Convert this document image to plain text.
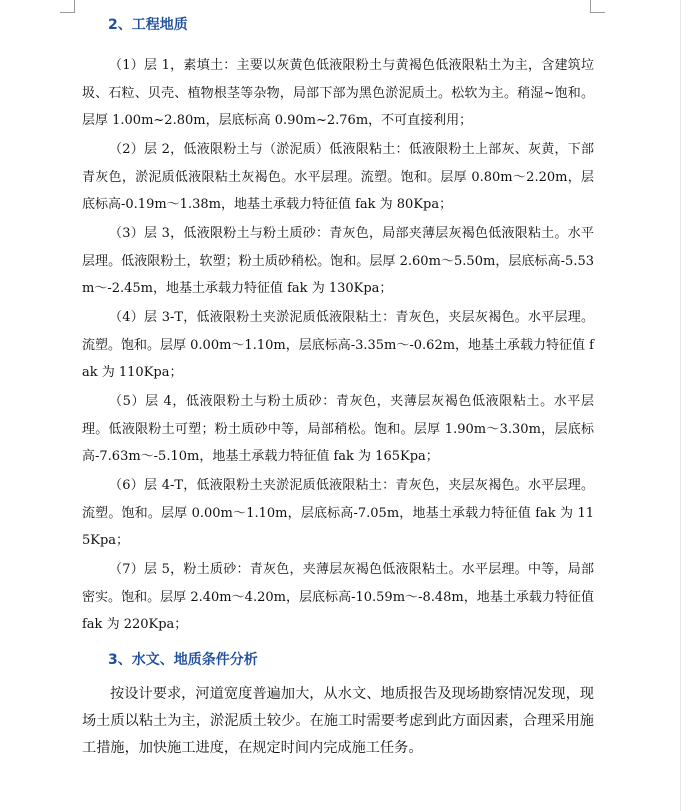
2、工程地质
（1）层 1，素填土：主要以灰黄色低液限粉土与黄褐色低液限粘土为主，含建筑垃圾、石粒、贝壳、植物根茎等杂物，局部下部为黑色淤泥质土。松软为主。稍湿~饱和。层厚 1.00m~2.80m，层底标高 0.90m~2.76m，不可直接利用；
（2）层 2，低液限粉土与（淤泥质）低液限粘土：低液限粉土上部灰、灰黄，下部青灰色，淤泥质低液限粘土灰褐色。水平层理。流塑。饱和。层厚 0.80m～2.20m，层底标高-0.19m～1.38m，地基土承载力特征值 fak 为 80Kpa；
（3）层 3，低液限粉土与粉土质砂：青灰色，局部夹薄层灰褐色低液限粘土。水平层理。低液限粉土，软塑；粉土质砂稍松。饱和。层厚 2.60m～5.50m，层底标高-5.53m～-2.45m，地基土承载力特征值 fak 为 130Kpa；
（4）层 3-T，低液限粉土夹淤泥质低液限粘土：青灰色，夹层灰褐色。水平层理。流塑。饱和。层厚 0.00m～1.10m，层底标高-3.35m～-0.62m，地基土承载力特征值 fak 为 110Kpa；
（5）层 4，低液限粉土与粉土质砂：青灰色，夹薄层灰褐色低液限粘土。水平层理。低液限粉土可塑；粉土质砂中等，局部稍松。饱和。层厚 1.90m～3.30m，层底标高-7.63m～-5.10m，地基土承载力特征值 fak 为 165Kpa；
（6）层 4-T，低液限粉土夹淤泥质低液限粘土：青灰色，夹层灰褐色。水平层理。流塑。饱和。层厚 0.00m～1.10m，层底标高-7.05m，地基土承载力特征值 fak 为 115Kpa；
（7）层 5，粉土质砂：青灰色，夹薄层灰褐色低液限粘土。水平层理。中等，局部密实。饱和。层厚 2.40m～4.20m，层底标高-10.59m～-8.48m，地基土承载力特征值 fak 为 220Kpa；
3、水文、地质条件分析
按设计要求，河道宽度普遍加大，从水文、地质报告及现场勘察情况发现，现场土质以粘土为主，淤泥质土较少。在施工时需要考虑到此方面因素，合理采用施工措施，加快施工进度，在规定时间内完成施工任务。
